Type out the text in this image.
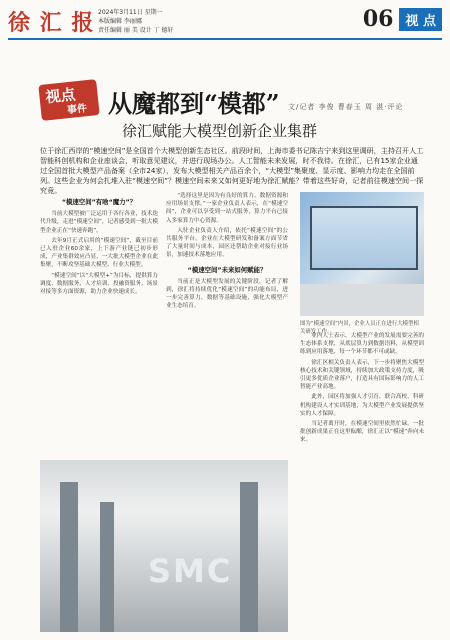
徐 汇 报 2024年3月11日 星期一
本版编辑 李丽娜
责任编辑 丽 美 设计 丁 德轩	06 视 点
视点
事件 从魔都到“模都” 文/记者 李俊 曹春玉 周 湛·评论
徐汇赋能大模型创新企业集群
位于徐汇西岸的“模速空间”是全国首个大模型创新生态社区。前段时间，上海市委书记陈吉宁来到这里调研，主持召开人工智能科创机构和企业座谈会，听取意见建议，并进行现场办公。人工智能未来发展，时不我待。在徐汇，已有15家企业通过全国首批大模型产品备案（全市24家），发布大模型相关产品百余个，“大模型”集聚度、显示度、影响力均走在全国前列。这些企业为何会扎堆入驻“模速空间”？模速空间未来又如何更好地为徐汇赋能？带着这些好奇，记者前往模速空间一探究竟。
“模速空间”有啥“魔力”？

当前大模型被广泛运用于各行各业，技术迭代升级，走进“模速空间”，记者感受到一批大模型企业正在“快速奔跑”。

去年9月正式启用的“模速空间”，截至目前已入驻企业60余家，上下游产业链已初步形成，产业集群效应凸显，一大批大模型企业在此集聚，不断攻坚基础大模型、行业大模型。

“模速空间”以“大模型+”为目标，提供算力调度、数据服务、人才培训、投融资服务、场景对接等多方面资源，助力企业快速成长。

“选择这里是因为有良好的算力、数据资源和应用场景支撑。”一家企业负责人表示，在“模速空间”，企业可以享受到一站式服务，算力平台已接入多家算力中心资源。

入驻企业负责人介绍，依托“模速空间”的公共服务平台，企业在大模型研发和备案方面节省了大量时间与成本，园区还帮助企业对接行业场景，加速技术落地应用。

“模速空间”未来如何赋能？

当前正是大模型发展的关键阶段，记者了解到，徐汇将持续优化“模速空间”的功能布局，进一步完善算力、数据等基础设施，强化大模型产业生态培育。

图为“模速空间”内景，企业人员正在进行大模型相关研发工作。

业内人士表示，大模型产业的发展需要完善的生态体系支撑，从底层算力到数据语料，从模型训练到应用落地，每一个环节都不可或缺。

徐汇区相关负责人表示，下一步将聚焦大模型核心技术和关键领域，持续加大政策支持力度，吸引更多优质企业落户，打造具有国际影响力的人工智能产业高地。

此外，园区将加强人才引育，联合高校、科研机构建设人才实训基地，为大模型产业发展提供坚实的人才保障。

当记者离开时，在模速空间里依然忙碌，一批批创新成果正在这里酝酿，徐汇正以“模速”奔向未来。

SMC
